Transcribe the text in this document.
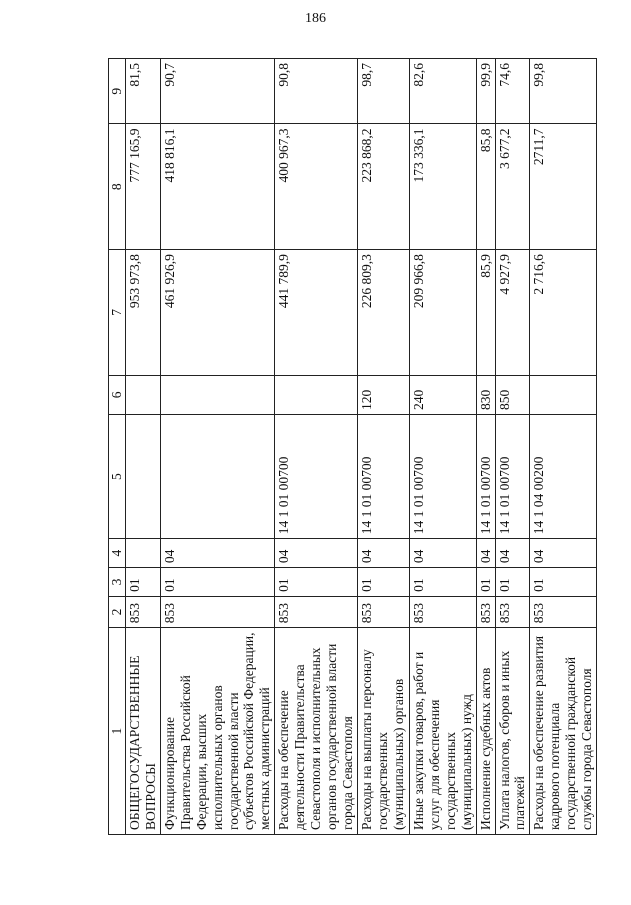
186
1	2	3	4	5	6	7	8	9
ОБЩЕГОСУДАРСТВЕННЫЕ ВОПРОСЫ	853	01				953 973,8	777 165,9	81,5
Функционирование Правительства Российской Федерации, высших исполнительных органов государственной власти субъектов Российской Федерации, местных администраций	853	01	04			461 926,9	418 816,1	90,7
Расходы на обеспечение деятельности Правительства Севастополя и исполнительных органов государственной власти города Севастополя	853	01	04	14 1 01 00700		441 789,9	400 967,3	90,8
Расходы на выплаты персоналу государственных (муниципальных) органов	853	01	04	14 1 01 00700	120	226 809,3	223 868,2	98,7
Иные закупки товаров, работ и услуг для обеспечения государственных (муниципальных) нужд	853	01	04	14 1 01 00700	240	209 966,8	173 336,1	82,6
Исполнение судебных актов	853	01	04	14 1 01 00700	830	85,9	85,8	99,9
Уплата налогов, сборов и иных платежей	853	01	04	14 1 01 00700	850	4 927,9	3 677,2	74,6
Расходы на обеспечение развития кадрового потенциала государственной гражданской службы города Севастополя	853	01	04	14 1 04 00200		2 716,6	2711,7	99,8
